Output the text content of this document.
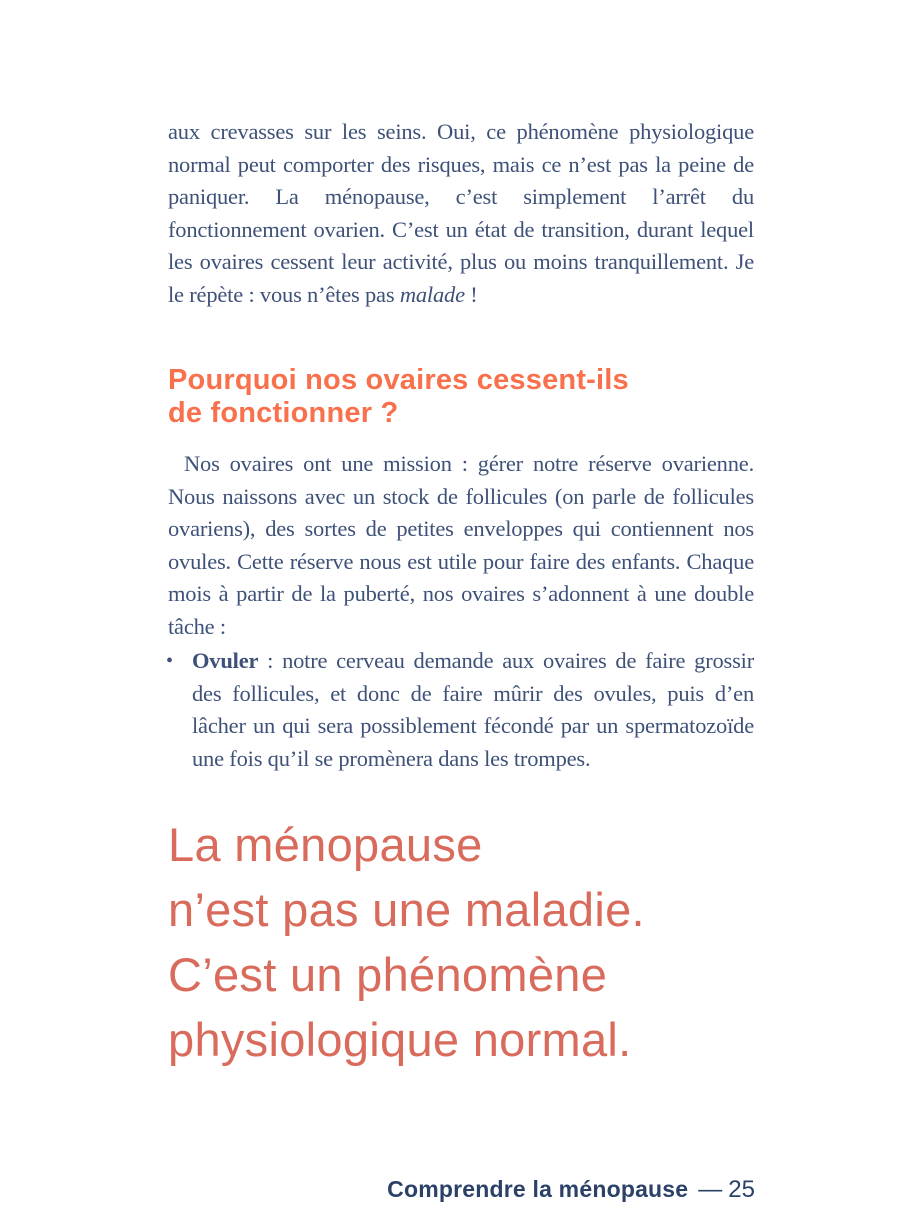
aux crevasses sur les seins. Oui, ce phénomène physiologique normal peut comporter des risques, mais ce n’est pas la peine de paniquer. La ménopause, c’est simplement l’arrêt du fonctionnement ovarien. C’est un état de transition, durant lequel les ovaires cessent leur activité, plus ou moins tranquillement. Je le répète : vous n’êtes pas malade !

Pourquoi nos ovaires cessent-ils
de fonctionner ?

Nos ovaires ont une mission : gérer notre réserve ovarienne. Nous naissons avec un stock de follicules (on parle de follicules ovariens), des sortes de petites enveloppes qui contiennent nos ovules. Cette réserve nous est utile pour faire des enfants. Chaque mois à partir de la puberté, nos ovaires s’adonnent à une double tâche :

• Ovuler : notre cerveau demande aux ovaires de faire grossir des follicules, et donc de faire mûrir des ovules, puis d’en lâcher un qui sera possiblement fécondé par un spermatozoïde une fois qu’il se promènera dans les trompes.
La ménopause
n’est pas une maladie.
C’est un phénomène
physiologique normal.
Comprendre la ménopause — 25
